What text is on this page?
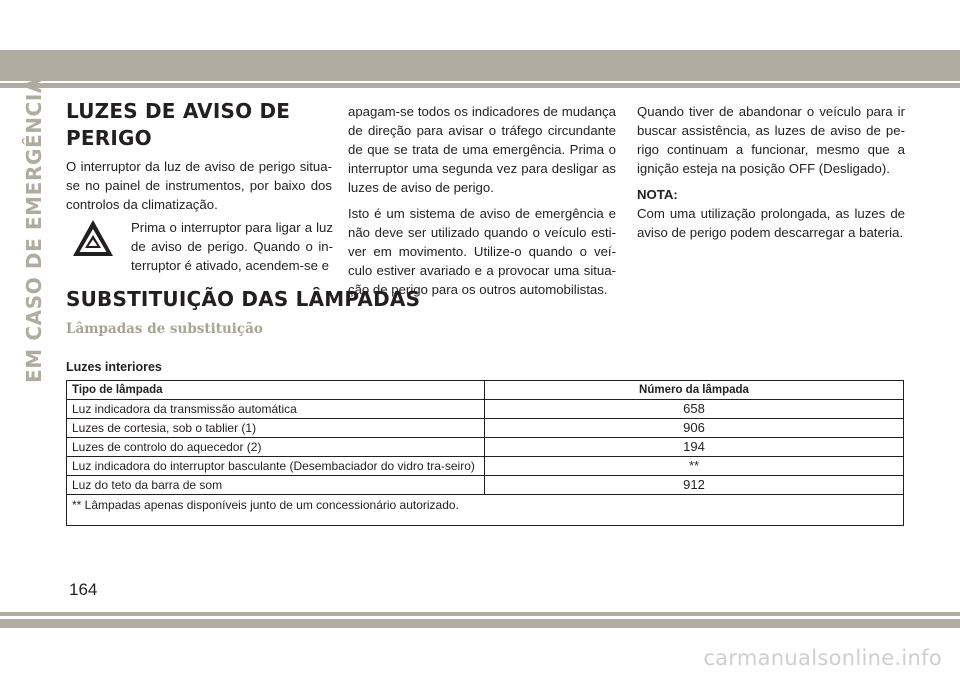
EM CASO DE EMERGÊNCIA LUZES DE AVISO DE
PERIGO

O interruptor da luz de aviso de perigo situa-se no painel de instrumentos, por baixo dos controlos da climatização.

Prima o interruptor para ligar a luz de aviso de perigo. Quando o in-terruptor é ativado, acendem-se e

apagam-se todos os indicadores de mudança de direção para avisar o tráfego circundante de que se trata de uma emergência. Prima o interruptor uma segunda vez para desligar as luzes de aviso de perigo.

Isto é um sistema de aviso de emergência e não deve ser utilizado quando o veículo esti-ver em movimento. Utilize-o quando o veí-culo estiver avariado e a provocar uma situa-ção de perigo para os outros automobilistas.

Quando tiver de abandonar o veículo para ir buscar assistência, as luzes de aviso de pe-rigo continuam a funcionar, mesmo que a ignição esteja na posição OFF (Desligado).

NOTA:

Com uma utilização prolongada, as luzes de aviso de perigo podem descarregar a bateria.

SUBSTITUIÇÃO DAS LÂMPADAS
Lâmpadas de substituição
Luzes interiores
Tipo de lâmpada	Número da lâmpada
Luz indicadora da transmissão automática	658
Luzes de cortesia, sob o tablier (1)	906
Luzes de controlo do aquecedor (2)	194
Luz indicadora do interruptor basculante (Desembaciador do vidro tra-seiro)	**
Luz do teto da barra de som	912
** Lâmpadas apenas disponíveis junto de um concessionário autorizado.	
164
carmanualsonline.info
